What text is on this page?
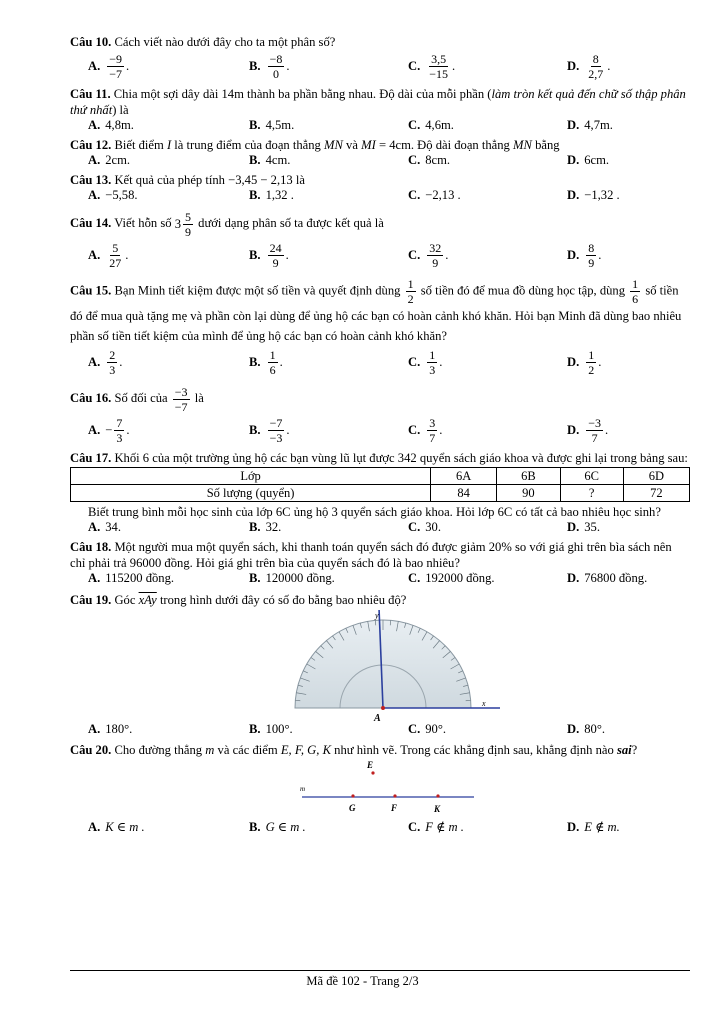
Câu 10. Cách viết nào dưới đây cho ta một phân số?

A. $\frac{-9}{-7}$ .	B. $\frac{-8}{0}$ .	C. $\frac{3,5}{-15}$ .	D. $\frac{8}{2,7}$ .

Câu 11. Chia một sợi dây dài 14m thành ba phần bằng nhau. Độ dài của mỗi phần (làm tròn kết quả đến chữ số thập phân thứ nhất) là

A. 4,8m.	B. 4,5m.	C. 4,6m.	D. 4,7m.

Câu 12. Biết điểm I là trung điểm của đoạn thẳng MN và MI = 4cm. Độ dài đoạn thẳng MN bằng

A. 2cm.	B. 4cm.	C. 8cm.	D. 6cm.

Câu 13. Kết quả của phép tính −3,45 − 2,13 là

A. −5,58.	B. 1,32 .	C. −2,13 .	D. −1,32 .

Câu 14. Viết hỗn số $3 \frac{5}{9}$ dưới dạng phân số ta được kết quả là

A. $\frac{5}{27}$ .	B. $\frac{24}{9}$ .	C. $\frac{32}{9}$ .	D. $\frac{8}{9}$ .

Câu 15. Bạn Minh tiết kiệm được một số tiền và quyết định dùng $\frac{1}{2}$ số tiền đó để mua đồ dùng học tập, dùng $\frac{1}{6}$ số tiền đó để mua quà tặng mẹ và phần còn lại dùng để ủng hộ các bạn có hoàn cảnh khó khăn. Hỏi bạn Minh đã dùng bao nhiêu phần số tiền tiết kiệm của mình để ủng hộ các bạn có hoàn cảnh khó khăn?

A. $\frac{2}{3}$ .	B. $\frac{1}{6}$ .	C. $\frac{1}{3}$ .	D. $\frac{1}{2}$ .

Câu 16. Số đối của $\frac{-3}{-7}$ là

A. − $\frac{7}{3}$ .	B. $\frac{-7}{-3}$ .	C. $\frac{3}{7}$ .	D. $\frac{-3}{7}$ .

Câu 17. Khối 6 của một trường ủng hộ các bạn vùng lũ lụt được 342 quyển sách giáo khoa và được ghi lại trong bảng sau:

Lớp	6A	6B	6C	6D
Số lượng (quyển)	84	90	?	72

Biết trung bình mỗi học sinh của lớp 6C ủng hộ 3 quyển sách giáo khoa. Hỏi lớp 6C có tất cả bao nhiêu học sinh?

A. 34.	B. 32.	C. 30.	D. 35.

Câu 18. Một người mua một quyển sách, khi thanh toán quyển sách đó được giảm 20% so với giá ghi trên bìa sách nên chỉ phải trả 96000 đồng. Hỏi giá ghi trên bìa của quyển sách đó là bao nhiêu?

A. 115200 đồng.	B. 120000 đồng.	C. 192000 đồng.	D. 76800 đồng.

Câu 19. Góc $\overline{xAy}$ trong hình dưới đây có số đo bằng bao nhiêu độ?

A
x
y
A. 180°.	B. 100°.	C. 90°.	D. 80°.

Câu 20. Cho đường thẳng m và các điểm E, F, G, K như hình vẽ. Trong các khẳng định sau, khẳng định nào sai?

m
E
G	F	K
A. K ∈ m .	B. G ∈ m .	C. F ∉ m .	D. E ∉ m.
Mã đề 102 - Trang 2/3
